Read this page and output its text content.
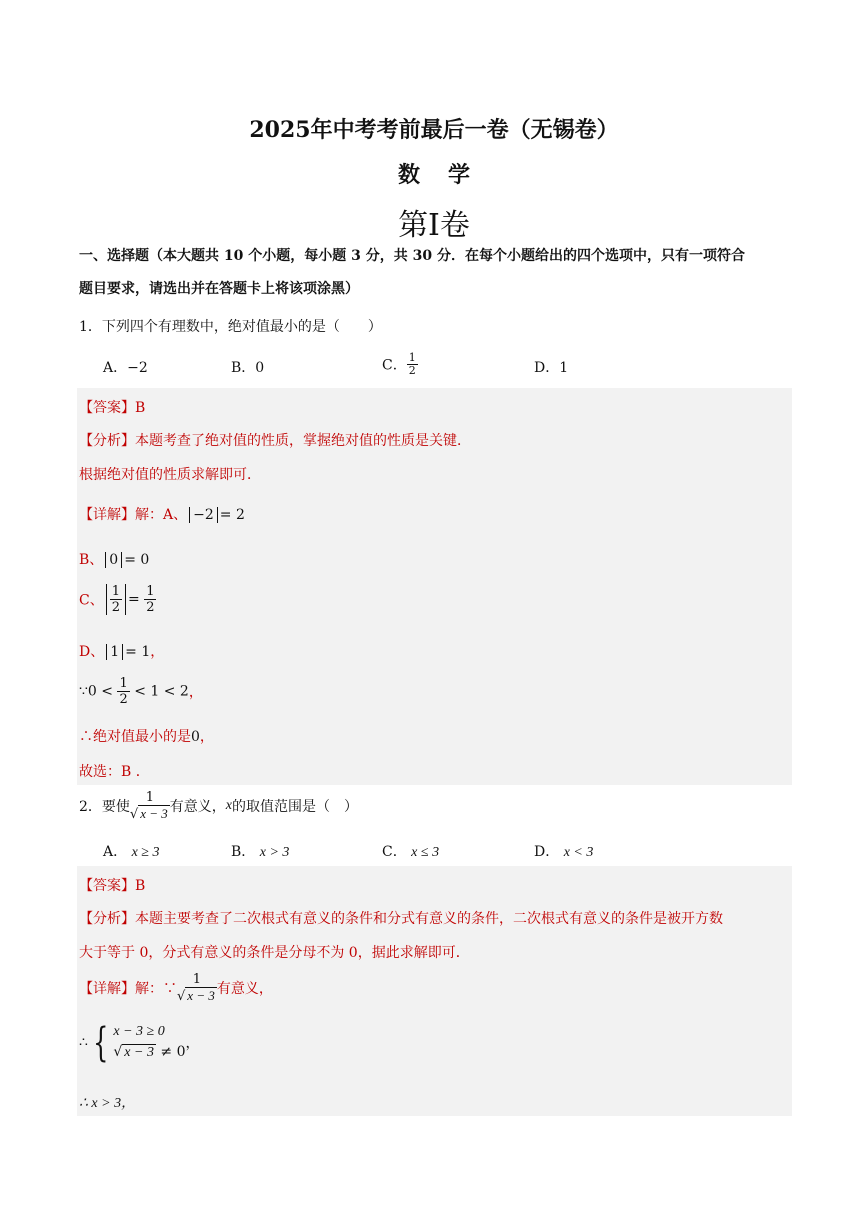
2025年中考考前最后一卷（无锡卷）
数学
第I卷
一、选择题（本大题共 10 个小题，每小题 3 分，共 30 分．在每个小题给出的四个选项中，只有一项符合
题目要求，请选出并在答题卡上将该项涂黑）
1．下列四个有理数中，绝对值最小的是（　　）
A．−2	B．0	C． $\frac{1}{2}$	D．1
【答案】B
【分析】本题考查了绝对值的性质，掌握绝对值的性质是关键．
根据绝对值的性质求解即可．
【详解】解：A、 −2 = 2
B、 0 = 0
C、 $\frac{1}{2} = \frac{1}{2}$
D、 1 = 1，
∵0 < $\frac{1}{2} < 1 < 2$，
∴绝对值最小的是0，
故选：B ．
2．要使 $\frac{1}{√ x - 3}$ 有意义，x的取值范围是（　）
A． x ≥ 3	B． x > 3	C． x ≤ 3	D． x < 3
【答案】B
【分析】本题主要考查了二次根式有意义的条件和分式有意义的条件，二次根式有意义的条件是被开方数
大于等于 0，分式有意义的条件是分母不为 0，据此求解即可．
【详解】解：∵ $\frac{1}{√ x - 3}$ 有意义，
∴ { x − 3 ≥ 0
√ x − 3 ≠ 0
，
∴ x > 3，
